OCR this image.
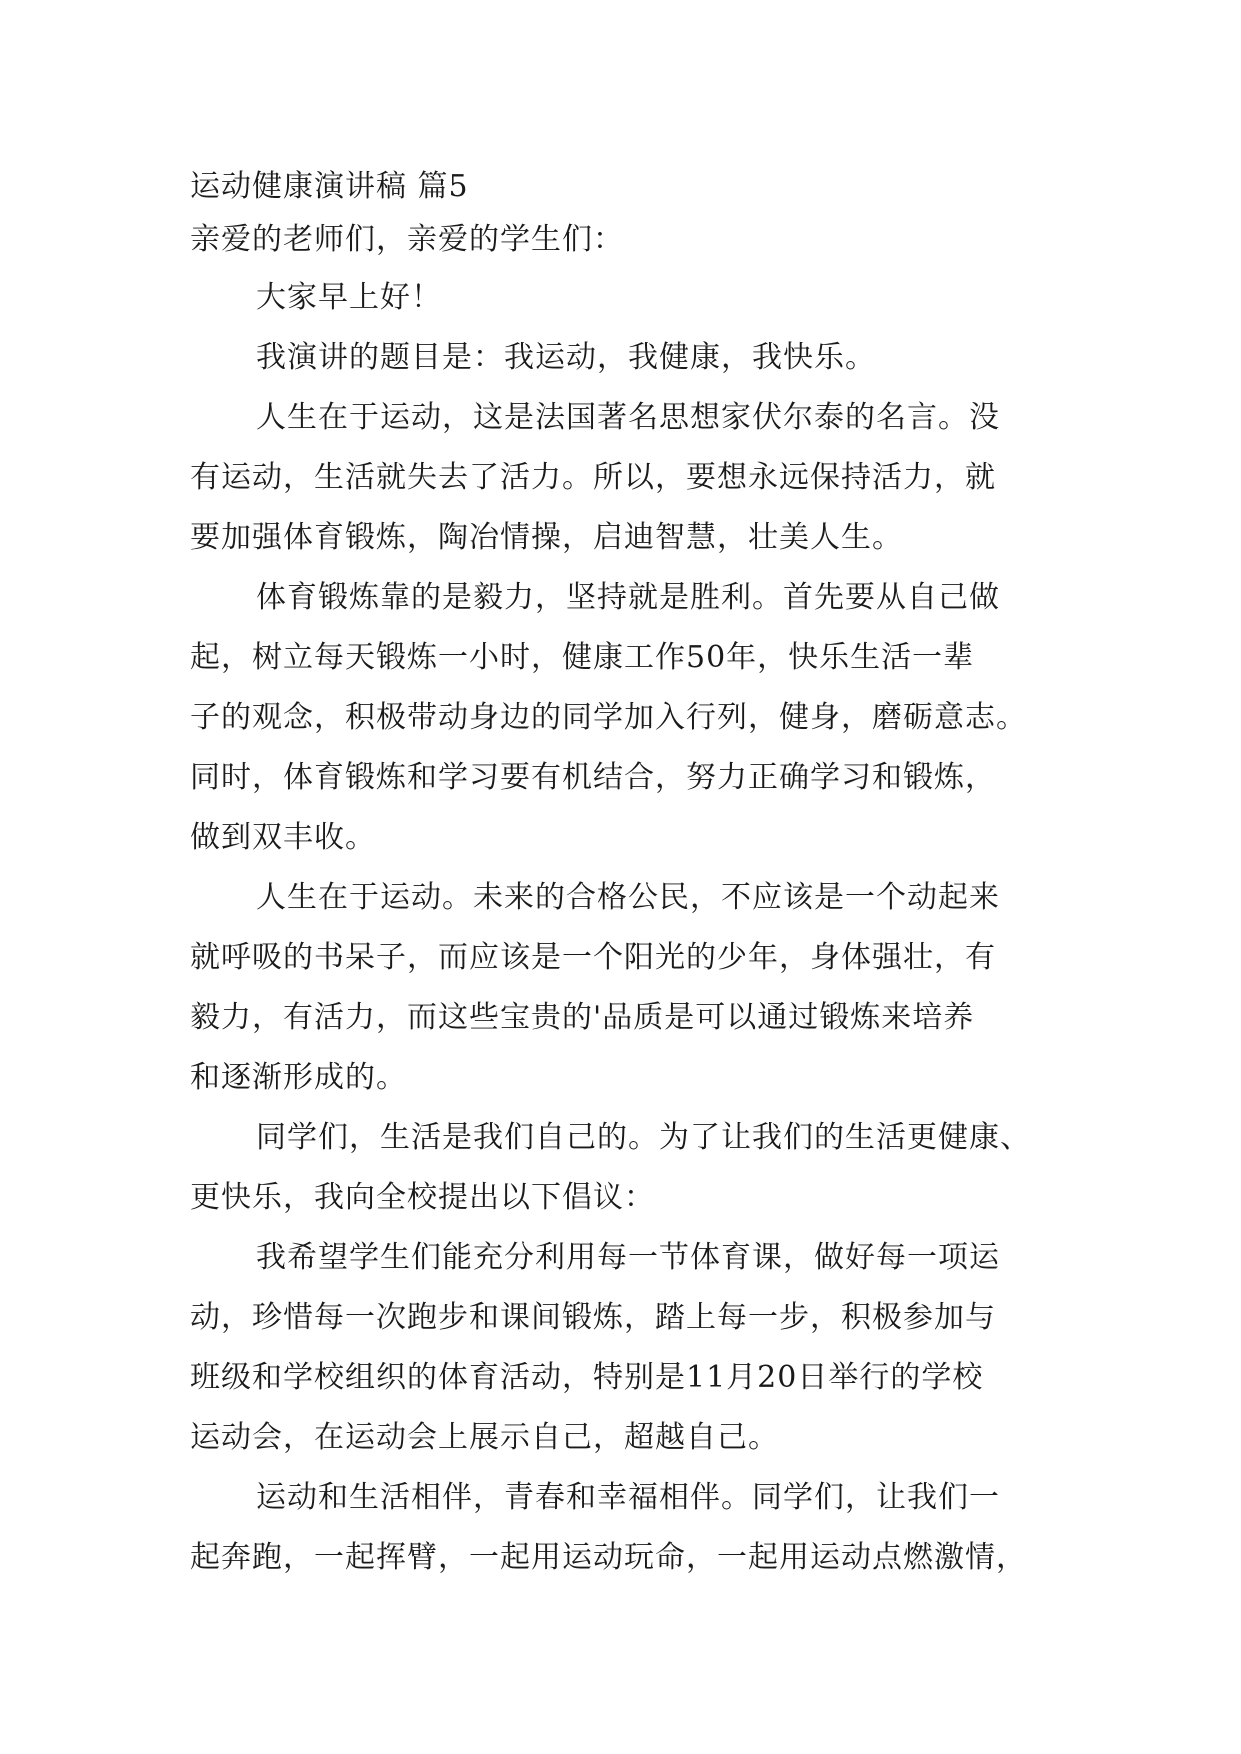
运动健康演讲稿 篇5
亲爱的老师们，亲爱的学生们：
大家早上好！
我演讲的题目是：我运动，我健康，我快乐。
人生在于运动，这是法国著名思想家伏尔泰的名言。没
有运动，生活就失去了活力。所以，要想永远保持活力，就
要加强体育锻炼，陶冶情操，启迪智慧，壮美人生。
体育锻炼靠的是毅力，坚持就是胜利。首先要从自己做
起，树立每天锻炼一小时，健康工作50年，快乐生活一辈
子的观念，积极带动身边的同学加入行列，健身，磨砺意志。
同时，体育锻炼和学习要有机结合，努力正确学习和锻炼，
做到双丰收。
人生在于运动。未来的合格公民，不应该是一个动起来
就呼吸的书呆子，而应该是一个阳光的少年，身体强壮，有
毅力，有活力，而这些宝贵的'品质是可以通过锻炼来培养
和逐渐形成的。
同学们，生活是我们自己的。为了让我们的生活更健康、
更快乐，我向全校提出以下倡议：
我希望学生们能充分利用每一节体育课，做好每一项运
动，珍惜每一次跑步和课间锻炼，踏上每一步，积极参加与
班级和学校组织的体育活动，特别是11月20日举行的学校
运动会，在运动会上展示自己，超越自己。
运动和生活相伴，青春和幸福相伴。同学们，让我们一
起奔跑，一起挥臂，一起用运动玩命，一起用运动点燃激情，
